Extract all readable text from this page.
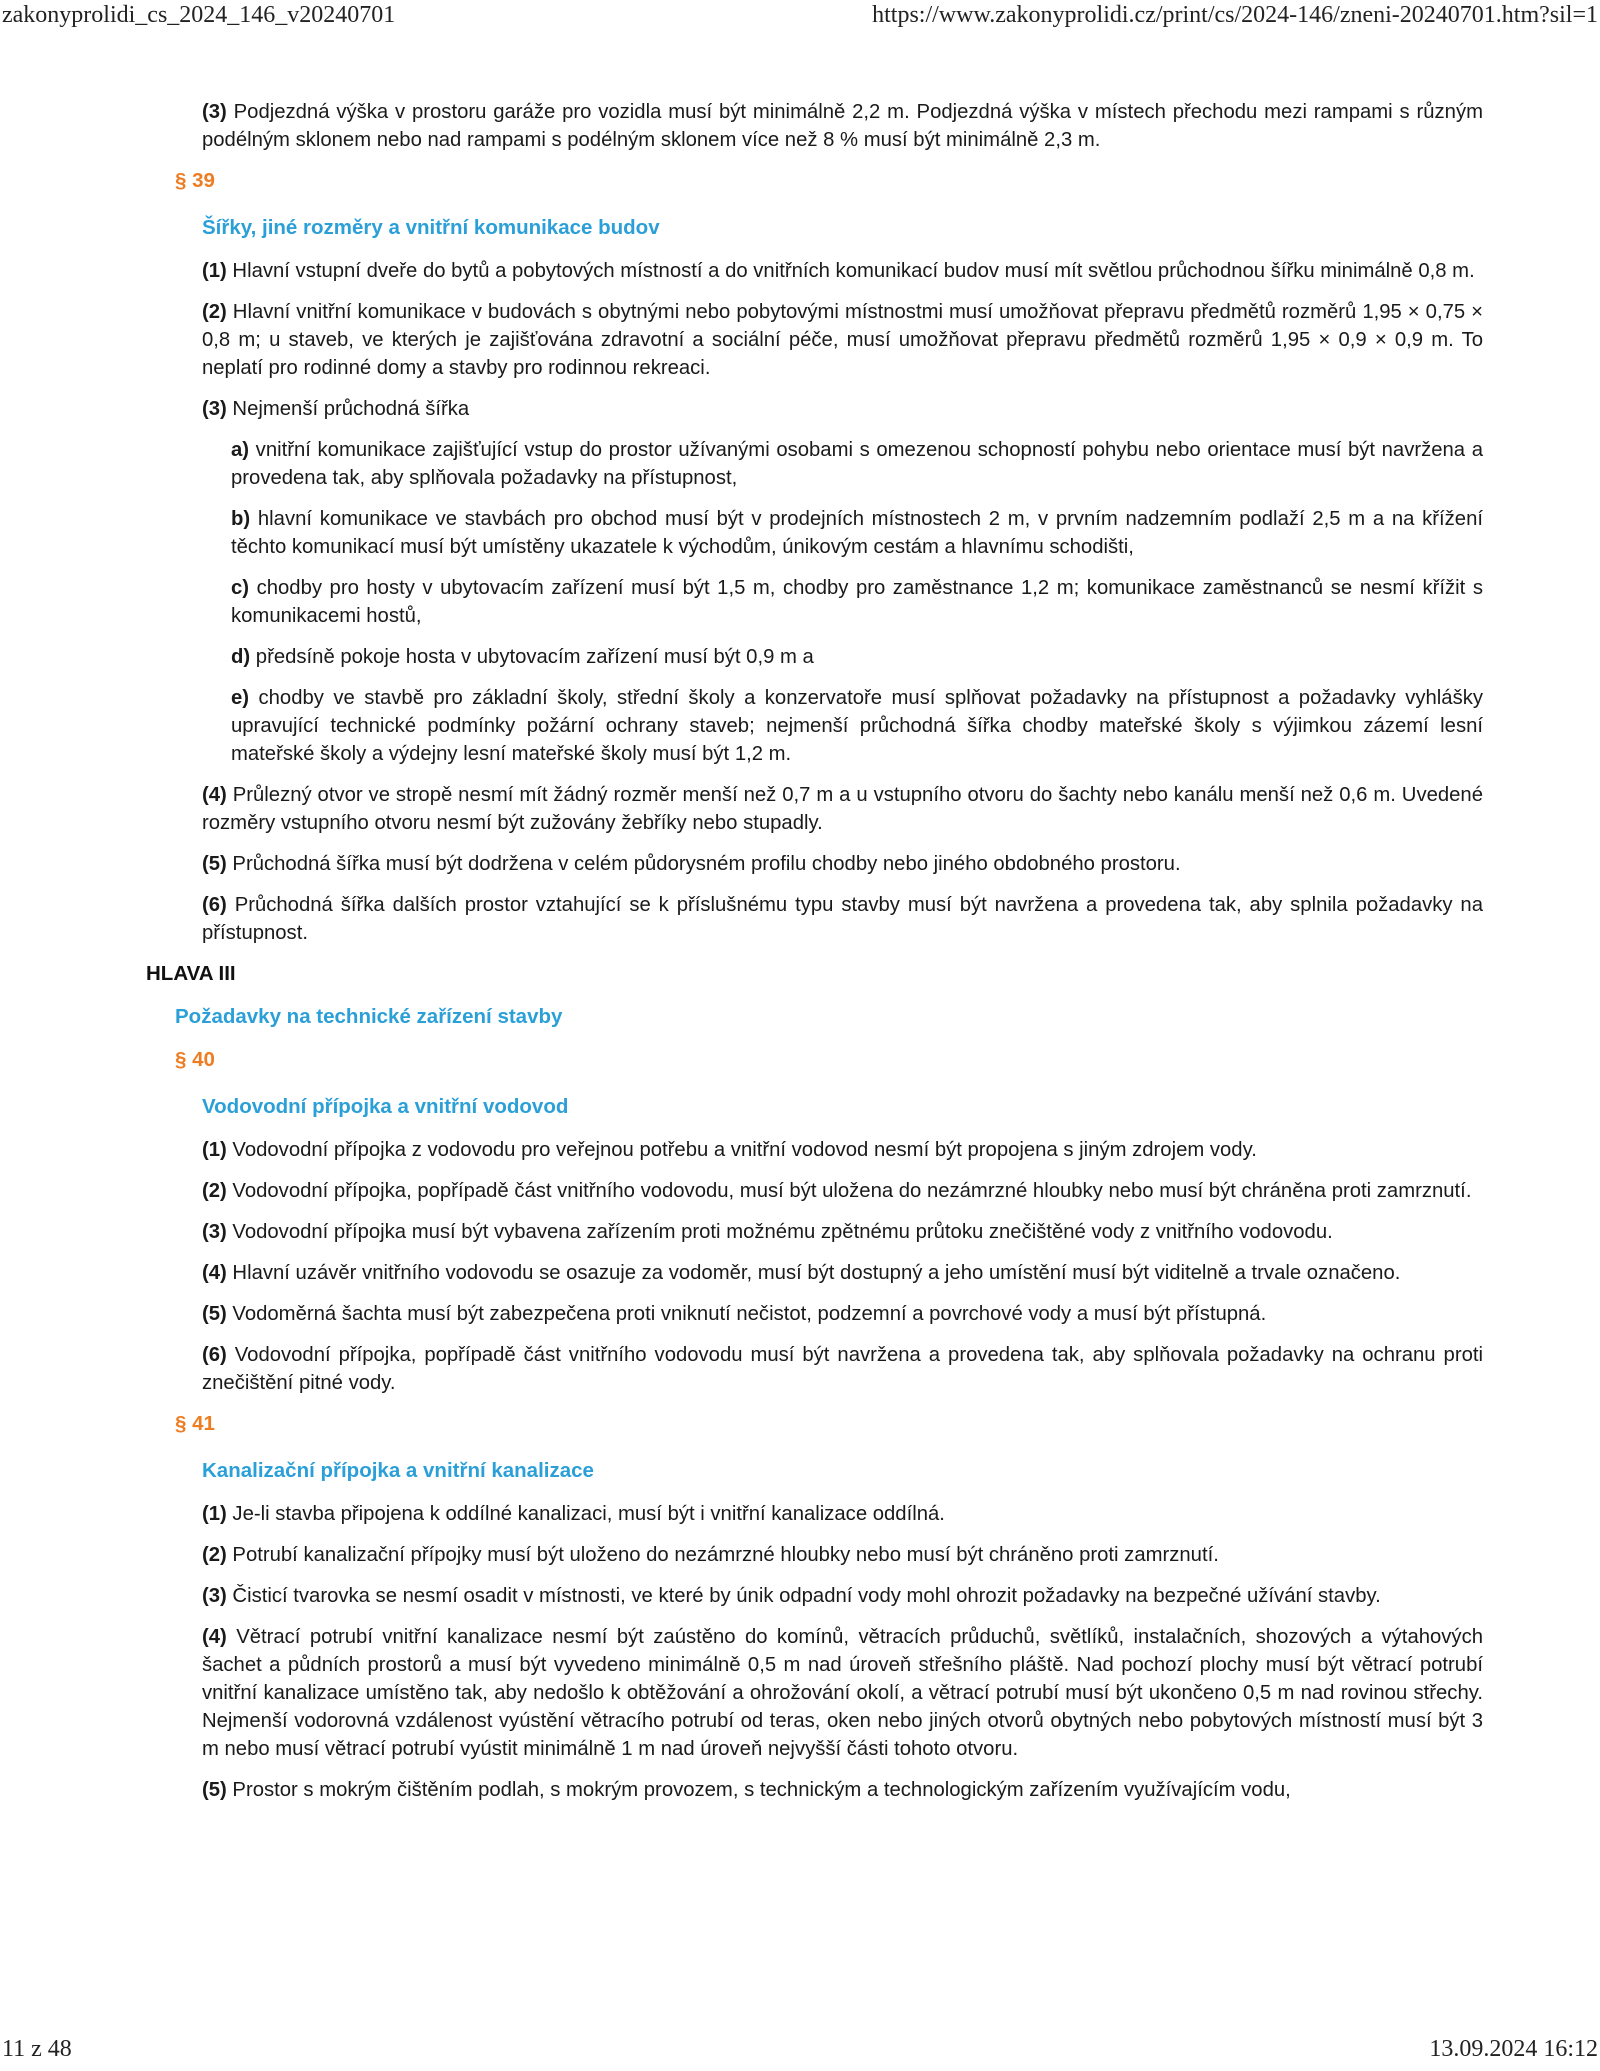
zakonyprolidi_cs_2024_146_v20240701	https://www.zakonyprolidi.cz/print/cs/2024-146/zneni-20240701.htm?sil=1

(3) Podjezdná výška v prostoru garáže pro vozidla musí být minimálně 2,2 m. Podjezdná výška v místech přechodu mezi rampami s různým podélným sklonem nebo nad rampami s podélným sklonem více než 8 % musí být minimálně 2,3 m.

§ 39
Šířky, jiné rozměry a vnitřní komunikace budov

(1) Hlavní vstupní dveře do bytů a pobytových místností a do vnitřních komunikací budov musí mít světlou průchodnou šířku minimálně 0,8 m.

(2) Hlavní vnitřní komunikace v budovách s obytnými nebo pobytovými místnostmi musí umožňovat přepravu předmětů rozměrů 1,95 × 0,75 × 0,8 m; u staveb, ve kterých je zajišťována zdravotní a sociální péče, musí umožňovat přepravu předmětů rozměrů 1,95 × 0,9 × 0,9 m. To neplatí pro rodinné domy a stavby pro rodinnou rekreaci.

(3) Nejmenší průchodná šířka

a) vnitřní komunikace zajišťující vstup do prostor užívanými osobami s omezenou schopností pohybu nebo orientace musí být navržena a provedena tak, aby splňovala požadavky na přístupnost,

b) hlavní komunikace ve stavbách pro obchod musí být v prodejních místnostech 2 m, v prvním nadzemním podlaží 2,5 m a na křížení těchto komunikací musí být umístěny ukazatele k východům, únikovým cestám a hlavnímu schodišti,

c) chodby pro hosty v ubytovacím zařízení musí být 1,5 m, chodby pro zaměstnance 1,2 m; komunikace zaměstnanců se nesmí křížit s komunikacemi hostů,

d) předsíně pokoje hosta v ubytovacím zařízení musí být 0,9 m a

e) chodby ve stavbě pro základní školy, střední školy a konzervatoře musí splňovat požadavky na přístupnost a požadavky vyhlášky upravující technické podmínky požární ochrany staveb; nejmenší průchodná šířka chodby mateřské školy s výjimkou zázemí lesní mateřské školy a výdejny lesní mateřské školy musí být 1,2 m.

(4) Průlezný otvor ve stropě nesmí mít žádný rozměr menší než 0,7 m a u vstupního otvoru do šachty nebo kanálu menší než 0,6 m. Uvedené rozměry vstupního otvoru nesmí být zužovány žebříky nebo stupadly.

(5) Průchodná šířka musí být dodržena v celém půdorysném profilu chodby nebo jiného obdobného prostoru.

(6) Průchodná šířka dalších prostor vztahující se k příslušnému typu stavby musí být navržena a provedena tak, aby splnila požadavky na přístupnost.

HLAVA III
Požadavky na technické zařízení stavby
§ 40
Vodovodní přípojka a vnitřní vodovod

(1) Vodovodní přípojka z vodovodu pro veřejnou potřebu a vnitřní vodovod nesmí být propojena s jiným zdrojem vody.

(2) Vodovodní přípojka, popřípadě část vnitřního vodovodu, musí být uložena do nezámrzné hloubky nebo musí být chráněna proti zamrznutí.

(3) Vodovodní přípojka musí být vybavena zařízením proti možnému zpětnému průtoku znečištěné vody z vnitřního vodovodu.

(4) Hlavní uzávěr vnitřního vodovodu se osazuje za vodoměr, musí být dostupný a jeho umístění musí být viditelně a trvale označeno.

(5) Vodoměrná šachta musí být zabezpečena proti vniknutí nečistot, podzemní a povrchové vody a musí být přístupná.

(6) Vodovodní přípojka, popřípadě část vnitřního vodovodu musí být navržena a provedena tak, aby splňovala požadavky na ochranu proti znečištění pitné vody.

§ 41
Kanalizační přípojka a vnitřní kanalizace

(1) Je-li stavba připojena k oddílné kanalizaci, musí být i vnitřní kanalizace oddílná.

(2) Potrubí kanalizační přípojky musí být uloženo do nezámrzné hloubky nebo musí být chráněno proti zamrznutí.

(3) Čisticí tvarovka se nesmí osadit v místnosti, ve které by únik odpadní vody mohl ohrozit požadavky na bezpečné užívání stavby.

(4) Větrací potrubí vnitřní kanalizace nesmí být zaústěno do komínů, větracích průduchů, světlíků, instalačních, shozových a výtahových šachet a půdních prostorů a musí být vyvedeno minimálně 0,5 m nad úroveň střešního pláště. Nad pochozí plochy musí být větrací potrubí vnitřní kanalizace umístěno tak, aby nedošlo k obtěžování a ohrožování okolí, a větrací potrubí musí být ukončeno 0,5 m nad rovinou střechy. Nejmenší vodorovná vzdálenost vyústění větracího potrubí od teras, oken nebo jiných otvorů obytných nebo pobytových místností musí být 3 m nebo musí větrací potrubí vyústit minimálně 1 m nad úroveň nejvyšší části tohoto otvoru.

(5) Prostor s mokrým čištěním podlah, s mokrým provozem, s technickým a technologickým zařízením využívajícím vodu,

11 z 48	13.09.2024 16:12
